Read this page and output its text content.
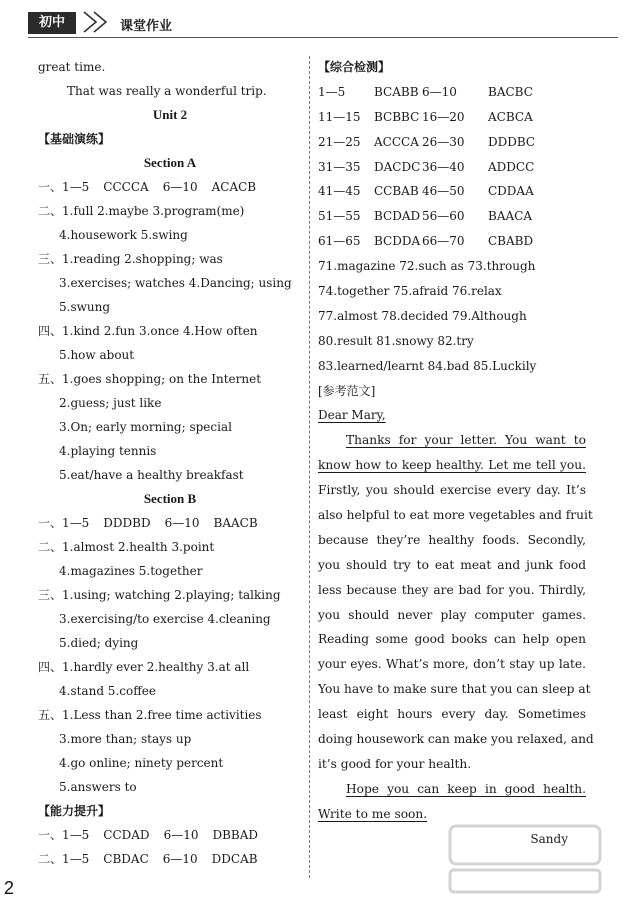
初中	课堂作业
great time.
That was really a wonderful trip.
Unit 2
【基础演练】
Section A
一、1—5 CCCCA 6—10 ACACB
二、1.full 2.maybe 3.program(me)
4.housework 5.swing
三、1.reading 2.shopping; was
3.exercises; watches 4.Dancing; using
5.swung
四、1.kind 2.fun 3.once 4.How often
5.how about
五、1.goes shopping; on the Internet
2.guess; just like
3.On; early morning; special
4.playing tennis
5.eat/have a healthy breakfast
Section B
一、1—5 DDDBD 6—10 BAACB
二、1.almost 2.health 3.point
4.magazines 5.together
三、1.using; watching 2.playing; talking
3.exercising/to exercise 4.cleaning
5.died; dying
四、1.hardly ever 2.healthy 3.at all
4.stand 5.coffee
五、1.Less than 2.free time activities
3.more than; stays up
4.go online; ninety percent
5.answers to
【能力提升】
一、1—5 CCDAD 6—10 DBBAD
二、1—5 CBDAC 6—10 DDCAB
【综合检测】
1—5 BCABB 6—10	BACBC
11—15 BCBBC 16—20 ACBCA
21—25 ACCCA 26—30 DDDBC
31—35 DACDC 36—40 ADDCC
41—45 CCBAB 46—50 CDDAA
51—55 BCDAD 56—60 BAACA
61—65 BCDDA 66—70 CBABD
71.magazine 72.such as 73.through
74.together 75.afraid 76.relax
77.almost 78.decided 79.Although
80.result 81.snowy 82.try
83.learned/learnt 84.bad 85.Luckily
[参考范文]
Dear Mary,
Thanks for your letter. You want to
know how to keep healthy. Let me tell you.
Firstly, you should exercise every day. It’s
also helpful to eat more vegetables and fruit
because they’re healthy foods. Secondly,
you should try to eat meat and junk food
less because they are bad for you. Thirdly,
you should never play computer games.
Reading some good books can help open
your eyes. What’s more, don’t stay up late.
You have to make sure that you can sleep at
least eight hours every day. Sometimes
doing housework can make you relaxed, and
it’s good for your health.
Hope you can keep in good health.
Write to me soon.
Sandy
2
